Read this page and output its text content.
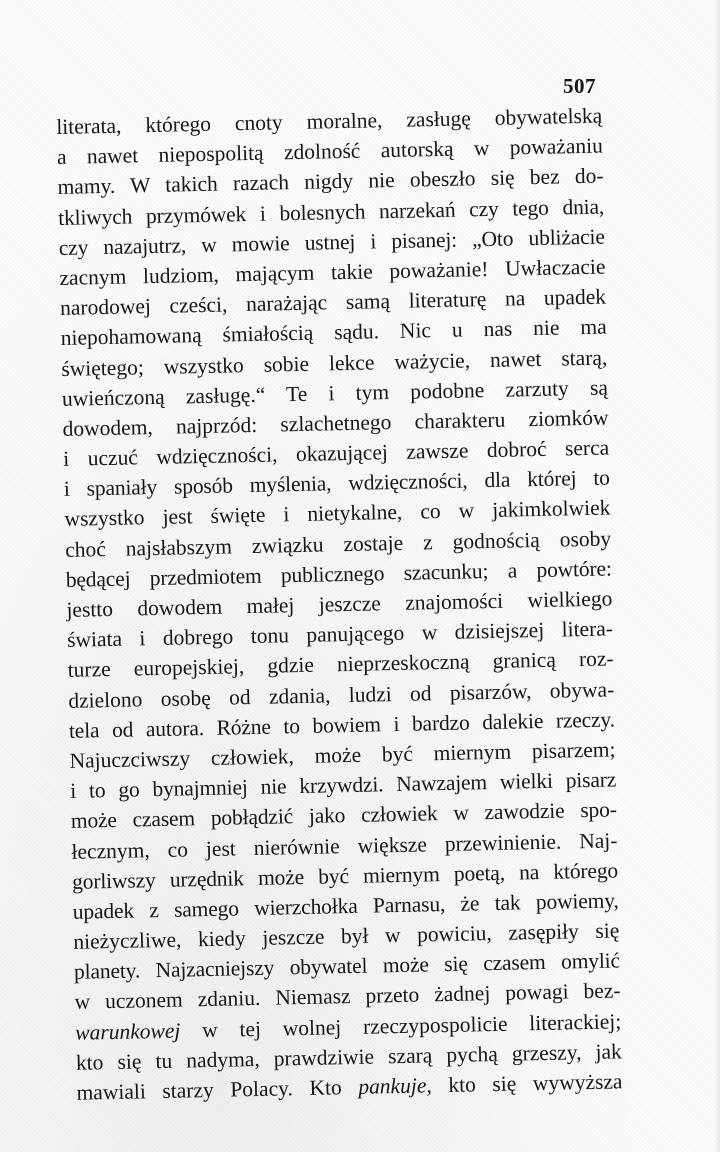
507
literata, którego cnoty moralne, zasługę obywatelską
a nawet niepospolitą zdolność autorską w poważaniu
mamy. W takich razach nigdy nie obeszło się bez do-
tkliwych przymówek i bolesnych narzekań czy tego dnia,
czy nazajutrz, w mowie ustnej i pisanej: „Oto ubliżacie
zacnym ludziom, mającym takie poważanie! Uwłaczacie
narodowej cześci, narażając samą literaturę na upadek
niepohamowaną śmiałością sądu. Nic u nas nie ma
świętego; wszystko sobie lekce ważycie, nawet starą,
uwieńczoną zasługę.“ Te i tym podobne zarzuty są
dowodem, najprzód: szlachetnego charakteru ziomków
i uczuć wdzięczności, okazującej zawsze dobroć serca
i spaniały sposób myślenia, wdzięczności, dla której to
wszystko jest święte i nietykalne, co w jakimkolwiek
choć najsłabszym związku zostaje z godnością osoby
będącej przedmiotem publicznego szacunku; a powtóre:
jestto dowodem małej jeszcze znajomości wielkiego
świata i dobrego tonu panującego w dzisiejszej litera-
turze europejskiej, gdzie nieprzeskoczną granicą roz-
dzielono osobę od zdania, ludzi od pisarzów, obywa-
tela od autora. Różne to bowiem i bardzo dalekie rzeczy.
Najuczciwszy człowiek, może być miernym pisarzem;
i to go bynajmniej nie krzywdzi. Nawzajem wielki pisarz
może czasem pobłądzić jako człowiek w zawodzie spo-
łecznym, co jest nierównie większe przewinienie. Naj-
gorliwszy urzędnik może być miernym poetą, na którego
upadek z samego wierzchołka Parnasu, że tak powiemy,
nieżyczliwe, kiedy jeszcze był w powiciu, zasępiły się
planety. Najzacniejszy obywatel może się czasem omylić
w uczonem zdaniu. Niemasz przeto żadnej powagi bez-
warunkowej w tej wolnej rzeczypospolicie literackiej;
kto się tu nadyma, prawdziwie szarą pychą grzeszy, jak
mawiali starzy Polacy. Kto pankuje, kto się wywyższa
